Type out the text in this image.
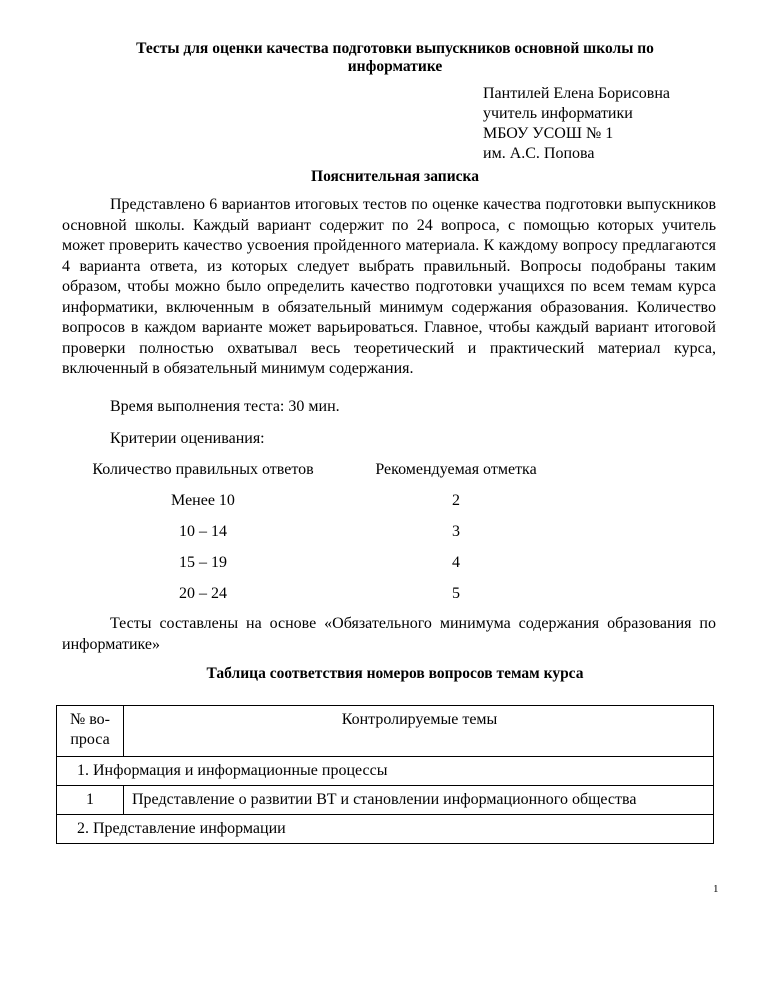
Тесты для оценки качества подготовки выпускников основной школы по
информатике
Пантилей Елена Борисовна
учитель информатики
МБОУ УСОШ № 1
им. А.С. Попова
Пояснительная записка

Представлено 6 вариантов итоговых тестов по оценке качества подготовки выпускников основной школы. Каждый вариант содержит по 24 вопроса, с помощью которых учитель может проверить качество усвоения пройденного материала. К каждому вопросу предлагаются 4 варианта ответа, из которых следует выбрать правильный. Вопросы подобраны таким образом, чтобы можно было определить качество подготовки учащихся по всем темам курса информатики, включенным в обязательный минимум содержания образования. Количество вопросов в каждом варианте может варьироваться. Главное, чтобы каждый вариант итоговой проверки полностью охватывал весь теоретический и практический материал курса, включенный в обязательный минимум содержания.

Время выполнения теста: 30 мин.
Критерии оценивания:
Количество правильных ответов	Рекомендуемая отметка
Менее 10	2
10 – 14	3
15 – 19	4
20 – 24	5

Тесты составлены на основе «Обязательного минимума содержания образования по информатике»

Таблица соответствия номеров вопросов темам курса
№ во-
проса	Контролируемые темы
1. Информация и информационные процессы	
1	Представление о развитии ВТ и становлении информационного общества
2. Представление информации	
1
